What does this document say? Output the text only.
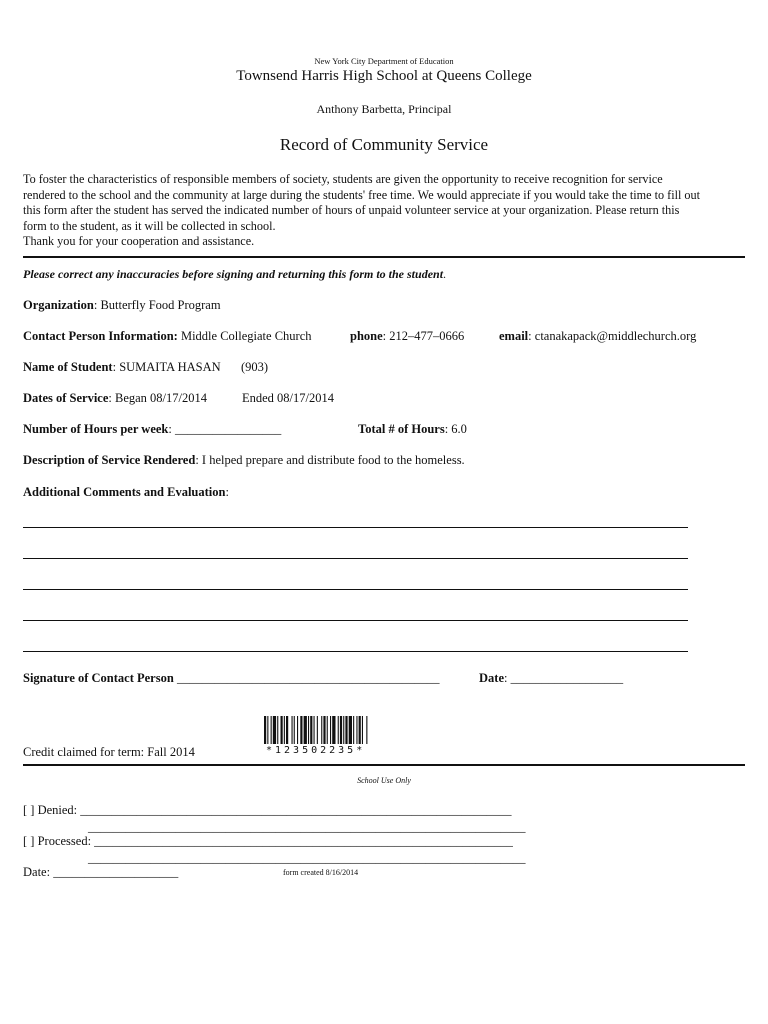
New York City Department of Education
Townsend Harris High School at Queens College
Anthony Barbetta, Principal
Record of Community Service
To foster the characteristics of responsible members of society, students are given the opportunity to receive recognition for service
rendered to the school and the community at large during the students' free time. We would appreciate if you would take the time to fill out
this form after the student has served the indicated number of hours of unpaid volunteer service at your organization. Please return this
form to the student, as it will be collected in school.
Thank you for your cooperation and assistance.
Please correct any inaccuracies before signing and returning this form to the student.
Organization: Butterfly Food Program
Contact Person Information: Middle Collegiate Church	phone: 212–477–0666	email: ctanakapack@middlechurch.org
Name of Student: SUMAITA HASAN (903)
Dates of Service: Began 08/17/2014	Ended 08/17/2014
Number of Hours per week: _________________	Total # of Hours: 6.0
Description of Service Rendered: I helped prepare and distribute food to the homeless.
Additional Comments and Evaluation:
Signature of Contact Person __________________________________________	Date: __________________
Credit claimed for term: Fall 2014	*123502235*
School Use Only
[ ] Denied: _____________________________________________________________________
______________________________________________________________________
[ ] Processed: ___________________________________________________________________
______________________________________________________________________
Date: ____________________	form created 8/16/2014
